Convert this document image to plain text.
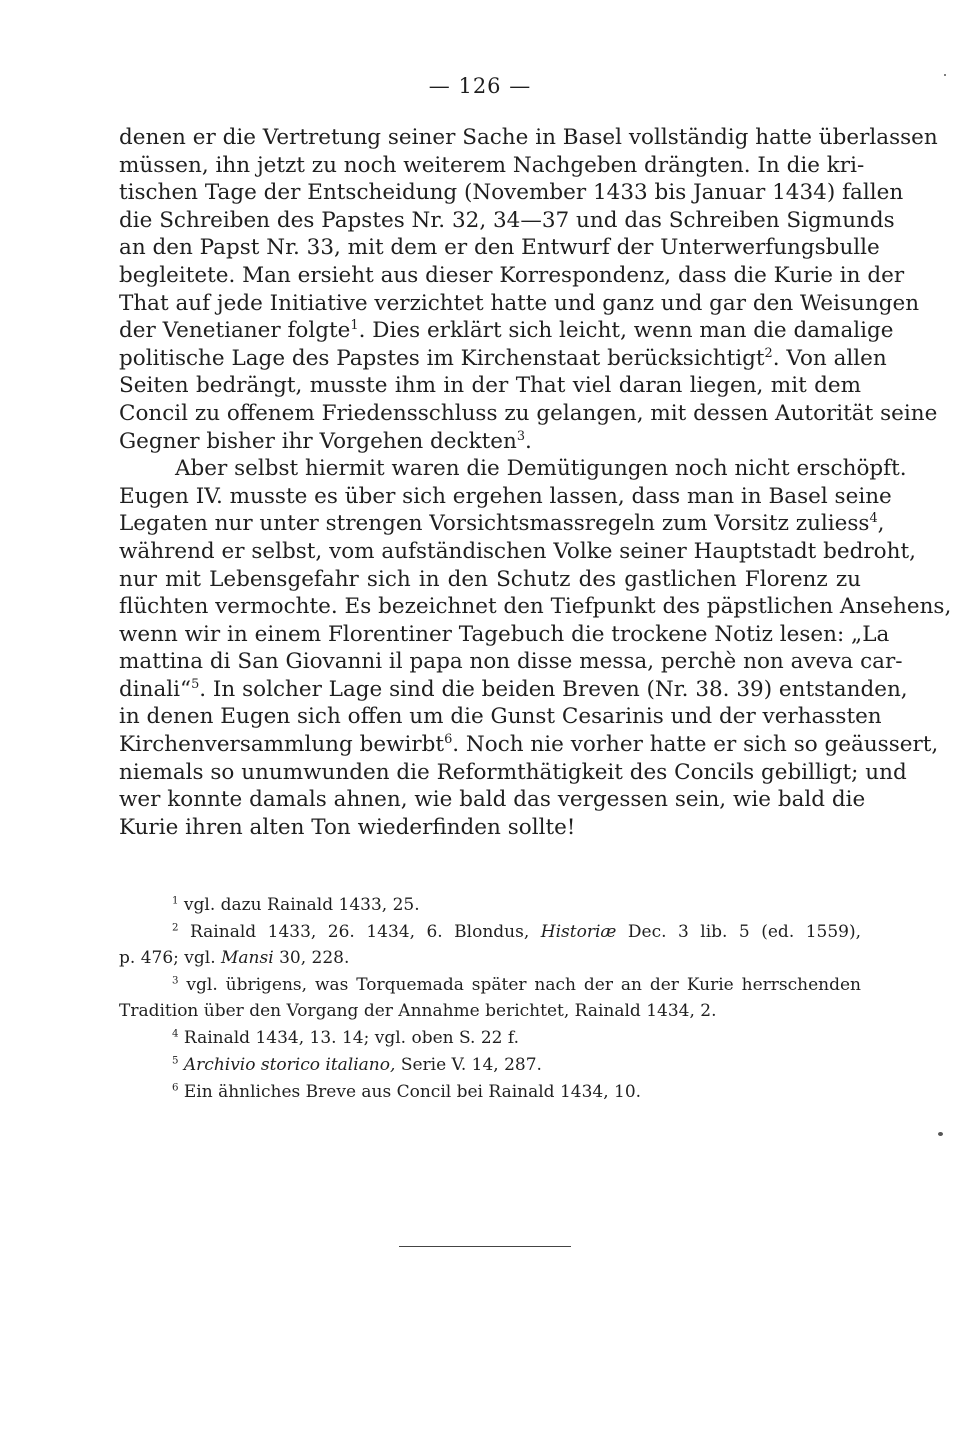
— 126 —
denen er die Vertretung seiner Sache in Basel vollständig hatte überlassen
müssen, ihn jetzt zu noch weiterem Nachgeben drängten. In die kri-
tischen Tage der Entscheidung (November 1433 bis Januar 1434) fallen
die Schreiben des Papstes Nr. 32, 34—37 und das Schreiben Sigmunds
an den Papst Nr. 33, mit dem er den Entwurf der Unterwerfungsbulle
begleitete. Man ersieht aus dieser Korrespondenz, dass die Kurie in der
That auf jede Initiative verzichtet hatte und ganz und gar den Weisungen
der Venetianer folgte$^1$. Dies erklärt sich leicht, wenn man die damalige
politische Lage des Papstes im Kirchenstaat berücksichtigt$^2$. Von allen
Seiten bedrängt, musste ihm in der That viel daran liegen, mit dem
Concil zu offenem Friedensschluss zu gelangen, mit dessen Autorität seine
Gegner bisher ihr Vorgehen deckten$^3$.
Aber selbst hiermit waren die Demütigungen noch nicht erschöpft.
Eugen IV. musste es über sich ergehen lassen, dass man in Basel seine
Legaten nur unter strengen Vorsichtsmassregeln zum Vorsitz zuliess$^4$,
während er selbst, vom aufständischen Volke seiner Hauptstadt bedroht,
nur mit Lebensgefahr sich in den Schutz des gastlichen Florenz zu
flüchten vermochte. Es bezeichnet den Tiefpunkt des päpstlichen Ansehens,
wenn wir in einem Florentiner Tagebuch die trockene Notiz lesen: „La
mattina di San Giovanni il papa non disse messa, perchè non aveva car-
dinali“$^5$. In solcher Lage sind die beiden Breven (Nr. 38. 39) entstanden,
in denen Eugen sich offen um die Gunst Cesarinis und der verhassten
Kirchenversammlung bewirbt$^6$. Noch nie vorher hatte er sich so geäussert,
niemals so unumwunden die Reformthätigkeit des Concils gebilligt; und
wer konnte damals ahnen, wie bald das vergessen sein, wie bald die
Kurie ihren alten Ton wiederfinden sollte!
$^1$ vgl. dazu Rainald 1433, 25.
$^2$ Rainald 1433, 26. 1434, 6. Blondus, Historiæ Dec. 3 lib. 5 (ed. 1559),
p. 476; vgl. Mansi 30, 228.
$^3$ vgl. übrigens, was Torquemada später nach der an der Kurie herrschenden
Tradition über den Vorgang der Annahme berichtet, Rainald 1434, 2.
$^4$ Rainald 1434, 13. 14; vgl. oben S. 22 f.
$^5$ Archivio storico italiano, Serie V. 14, 287.
$^6$ Ein ähnliches Breve aus Concil bei Rainald 1434, 10.
